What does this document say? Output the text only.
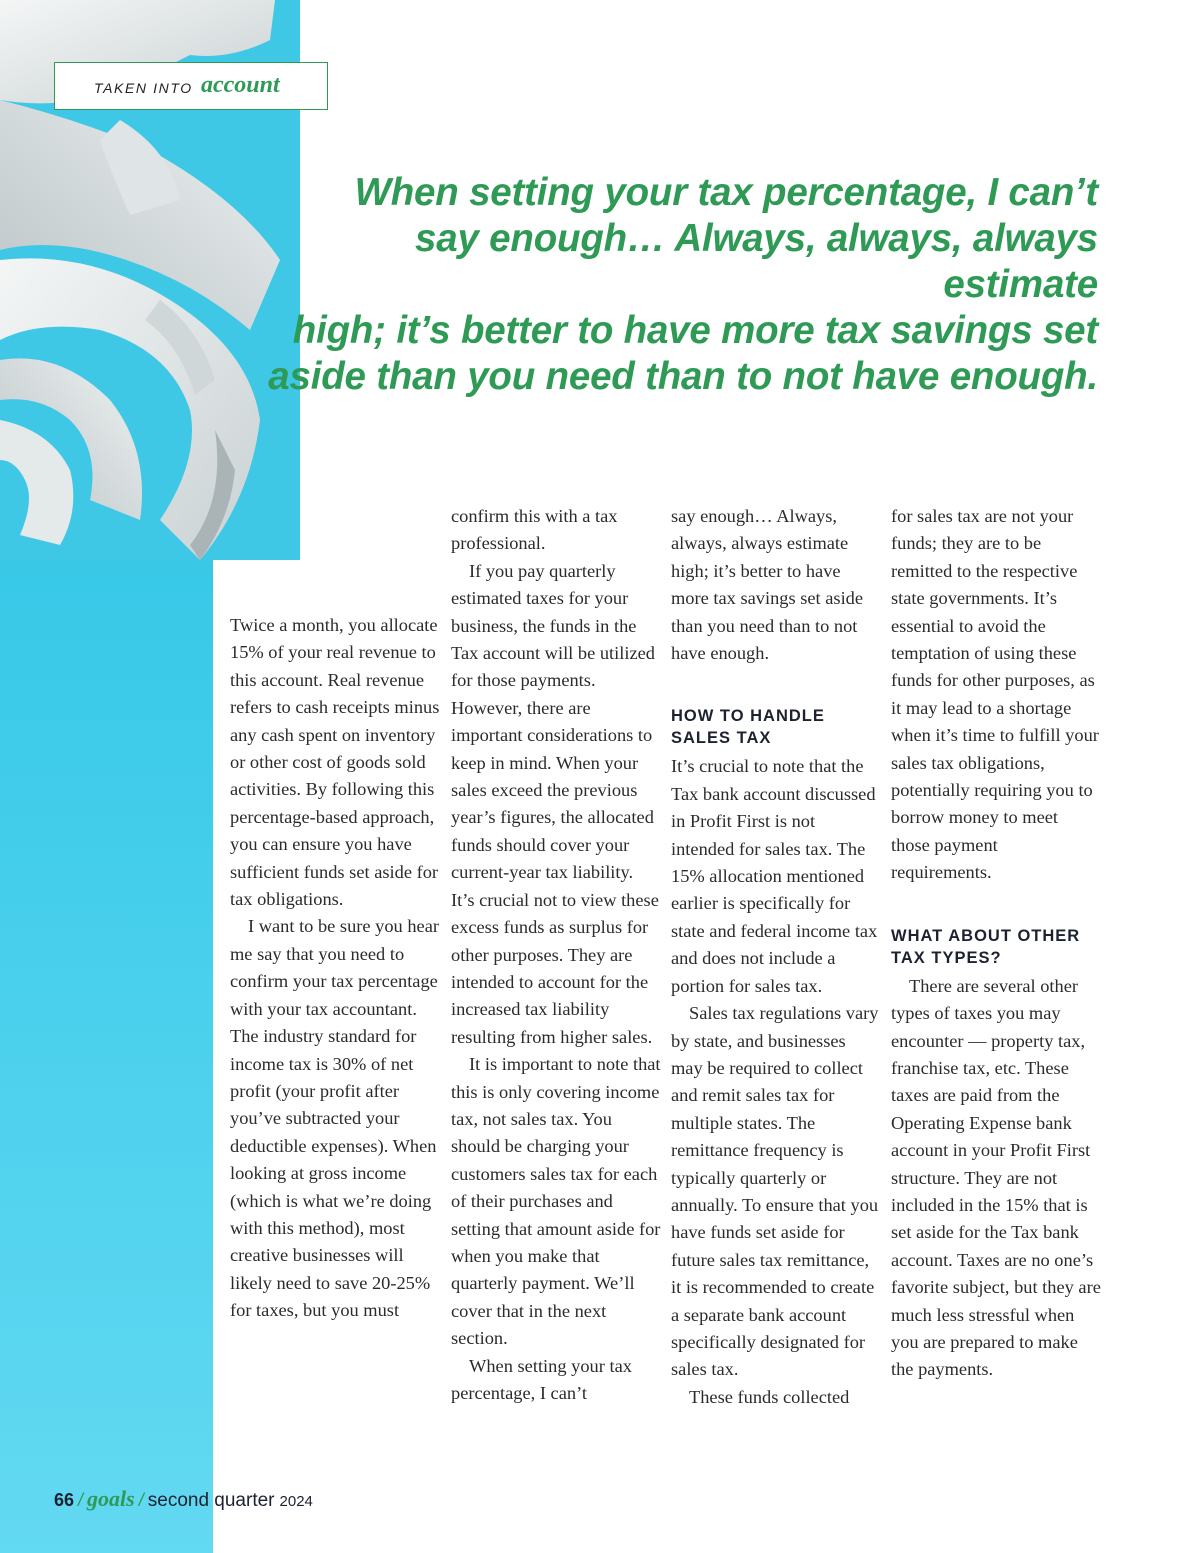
TAKEN INTO account
When setting your tax percentage, I can’t
say enough… Always, always, always estimate
high; it’s better to have more tax savings set
aside than you need than to not have enough.

Twice a month, you allocate 15% of your real revenue to this account. Real revenue refers to cash receipts minus any cash spent on inventory or other cost of goods sold activities. By following this percentage-based approach, you can ensure you have sufficient funds set aside for tax obligations.

I want to be sure you hear me say that you need to confirm your tax percentage with your tax accountant. The industry standard for income tax is 30% of net profit (your profit after you’ve subtracted your deductible expenses). When looking at gross income (which is what we’re doing with this method), most creative businesses will likely need to save 20-25% for taxes, but you must

confirm this with a tax professional.

If you pay quarterly estimated taxes for your business, the funds in the Tax account will be utilized for those payments. However, there are important considerations to keep in mind. When your sales exceed the previous year’s figures, the allocated funds should cover your current-year tax liability. It’s crucial not to view these excess funds as surplus for other purposes. They are intended to account for the increased tax liability resulting from higher sales.

It is important to note that this is only covering income tax, not sales tax. You should be charging your customers sales tax for each of their purchases and setting that amount aside for when you make that quarterly payment. We’ll cover that in the next section.

When setting your tax percentage, I can’t

say enough… Always, always, always estimate high; it’s better to have more tax savings set aside than you need than to not have enough.

HOW TO HANDLE SALES TAX

It’s crucial to note that the Tax bank account discussed in Profit First is not intended for sales tax. The 15% allocation mentioned earlier is specifically for state and federal income tax and does not include a portion for sales tax.

Sales tax regulations vary by state, and businesses may be required to collect and remit sales tax for multiple states. The remittance frequency is typically quarterly or annually. To ensure that you have funds set aside for future sales tax remittance, it is recommended to create a separate bank account specifically designated for sales tax.

These funds collected

for sales tax are not your funds; they are to be remitted to the respective state governments. It’s essential to avoid the temptation of using these funds for other purposes, as it may lead to a shortage when it’s time to fulfill your sales tax obligations, potentially requiring you to borrow money to meet those payment requirements.

WHAT ABOUT OTHER TAX TYPES?

There are several other types of taxes you may encounter — property tax, franchise tax, etc. These taxes are paid from the Operating Expense bank account in your Profit First structure. They are not included in the 15% that is set aside for the Tax bank account. Taxes are no one’s favorite subject, but they are much less stressful when you are prepared to make the payments.

66 / goals / second quarter 2024
